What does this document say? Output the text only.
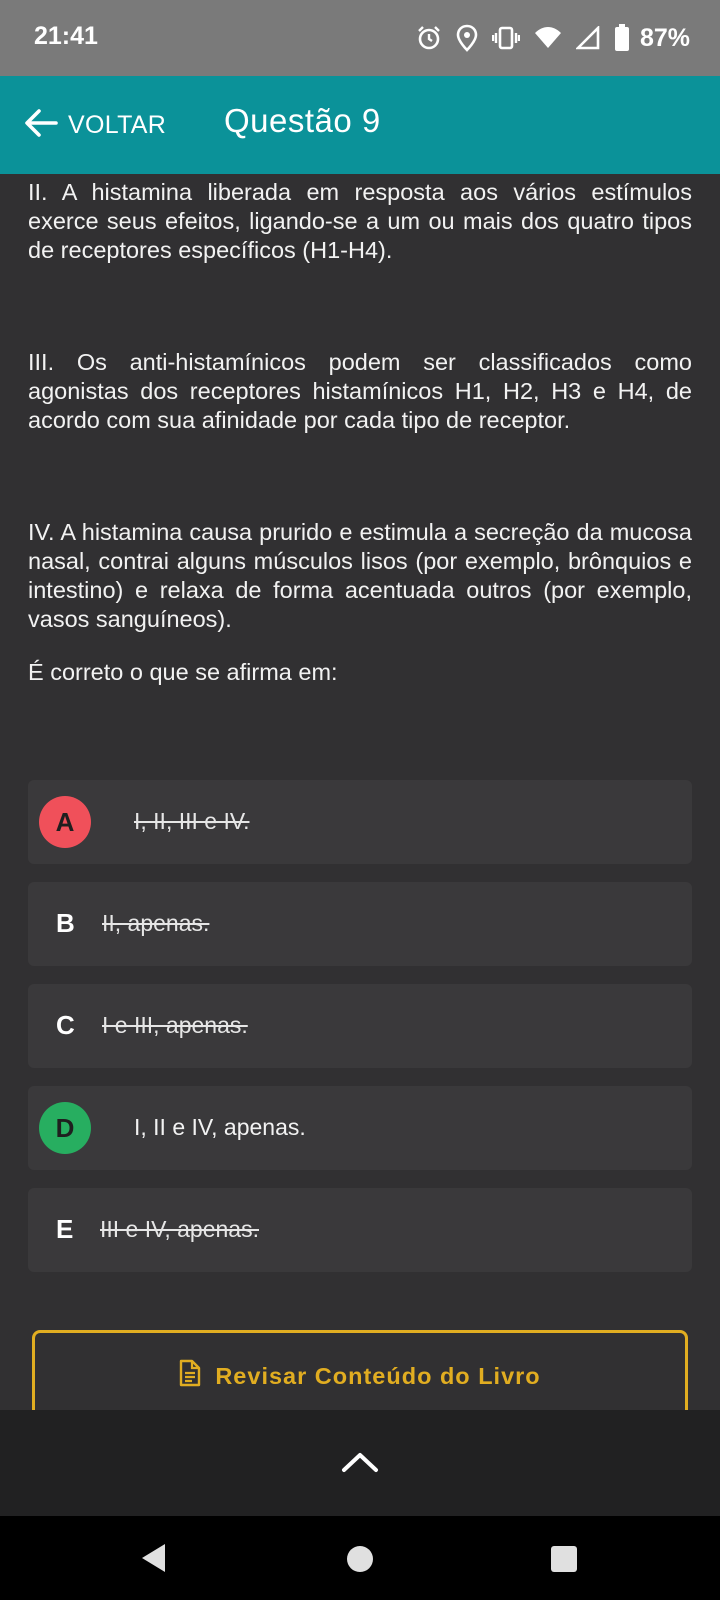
21:41	87%
VOLTAR Questão 9

II. A histamina liberada em resposta aos vários estímulos exerce seus efeitos, ligando-se a um ou mais dos quatro tipos de receptores específicos (H1-H4).

III. Os anti-histamínicos podem ser classificados como agonistas dos receptores histamínicos H1, H2, H3 e H4, de acordo com sua afinidade por cada tipo de receptor.

IV. A histamina causa prurido e estimula a secreção da mucosa nasal, contrai alguns músculos lisos (por exemplo, brônquios e intestino) e relaxa de forma acentuada outros (por exemplo, vasos sanguíneos).

É correto o que se afirma em:

A	I, II, III e IV.
B II, apenas.
C I e III, apenas.
D	I, II e IV, apenas.
E III e IV, apenas.
Revisar Conteúdo do Livro
